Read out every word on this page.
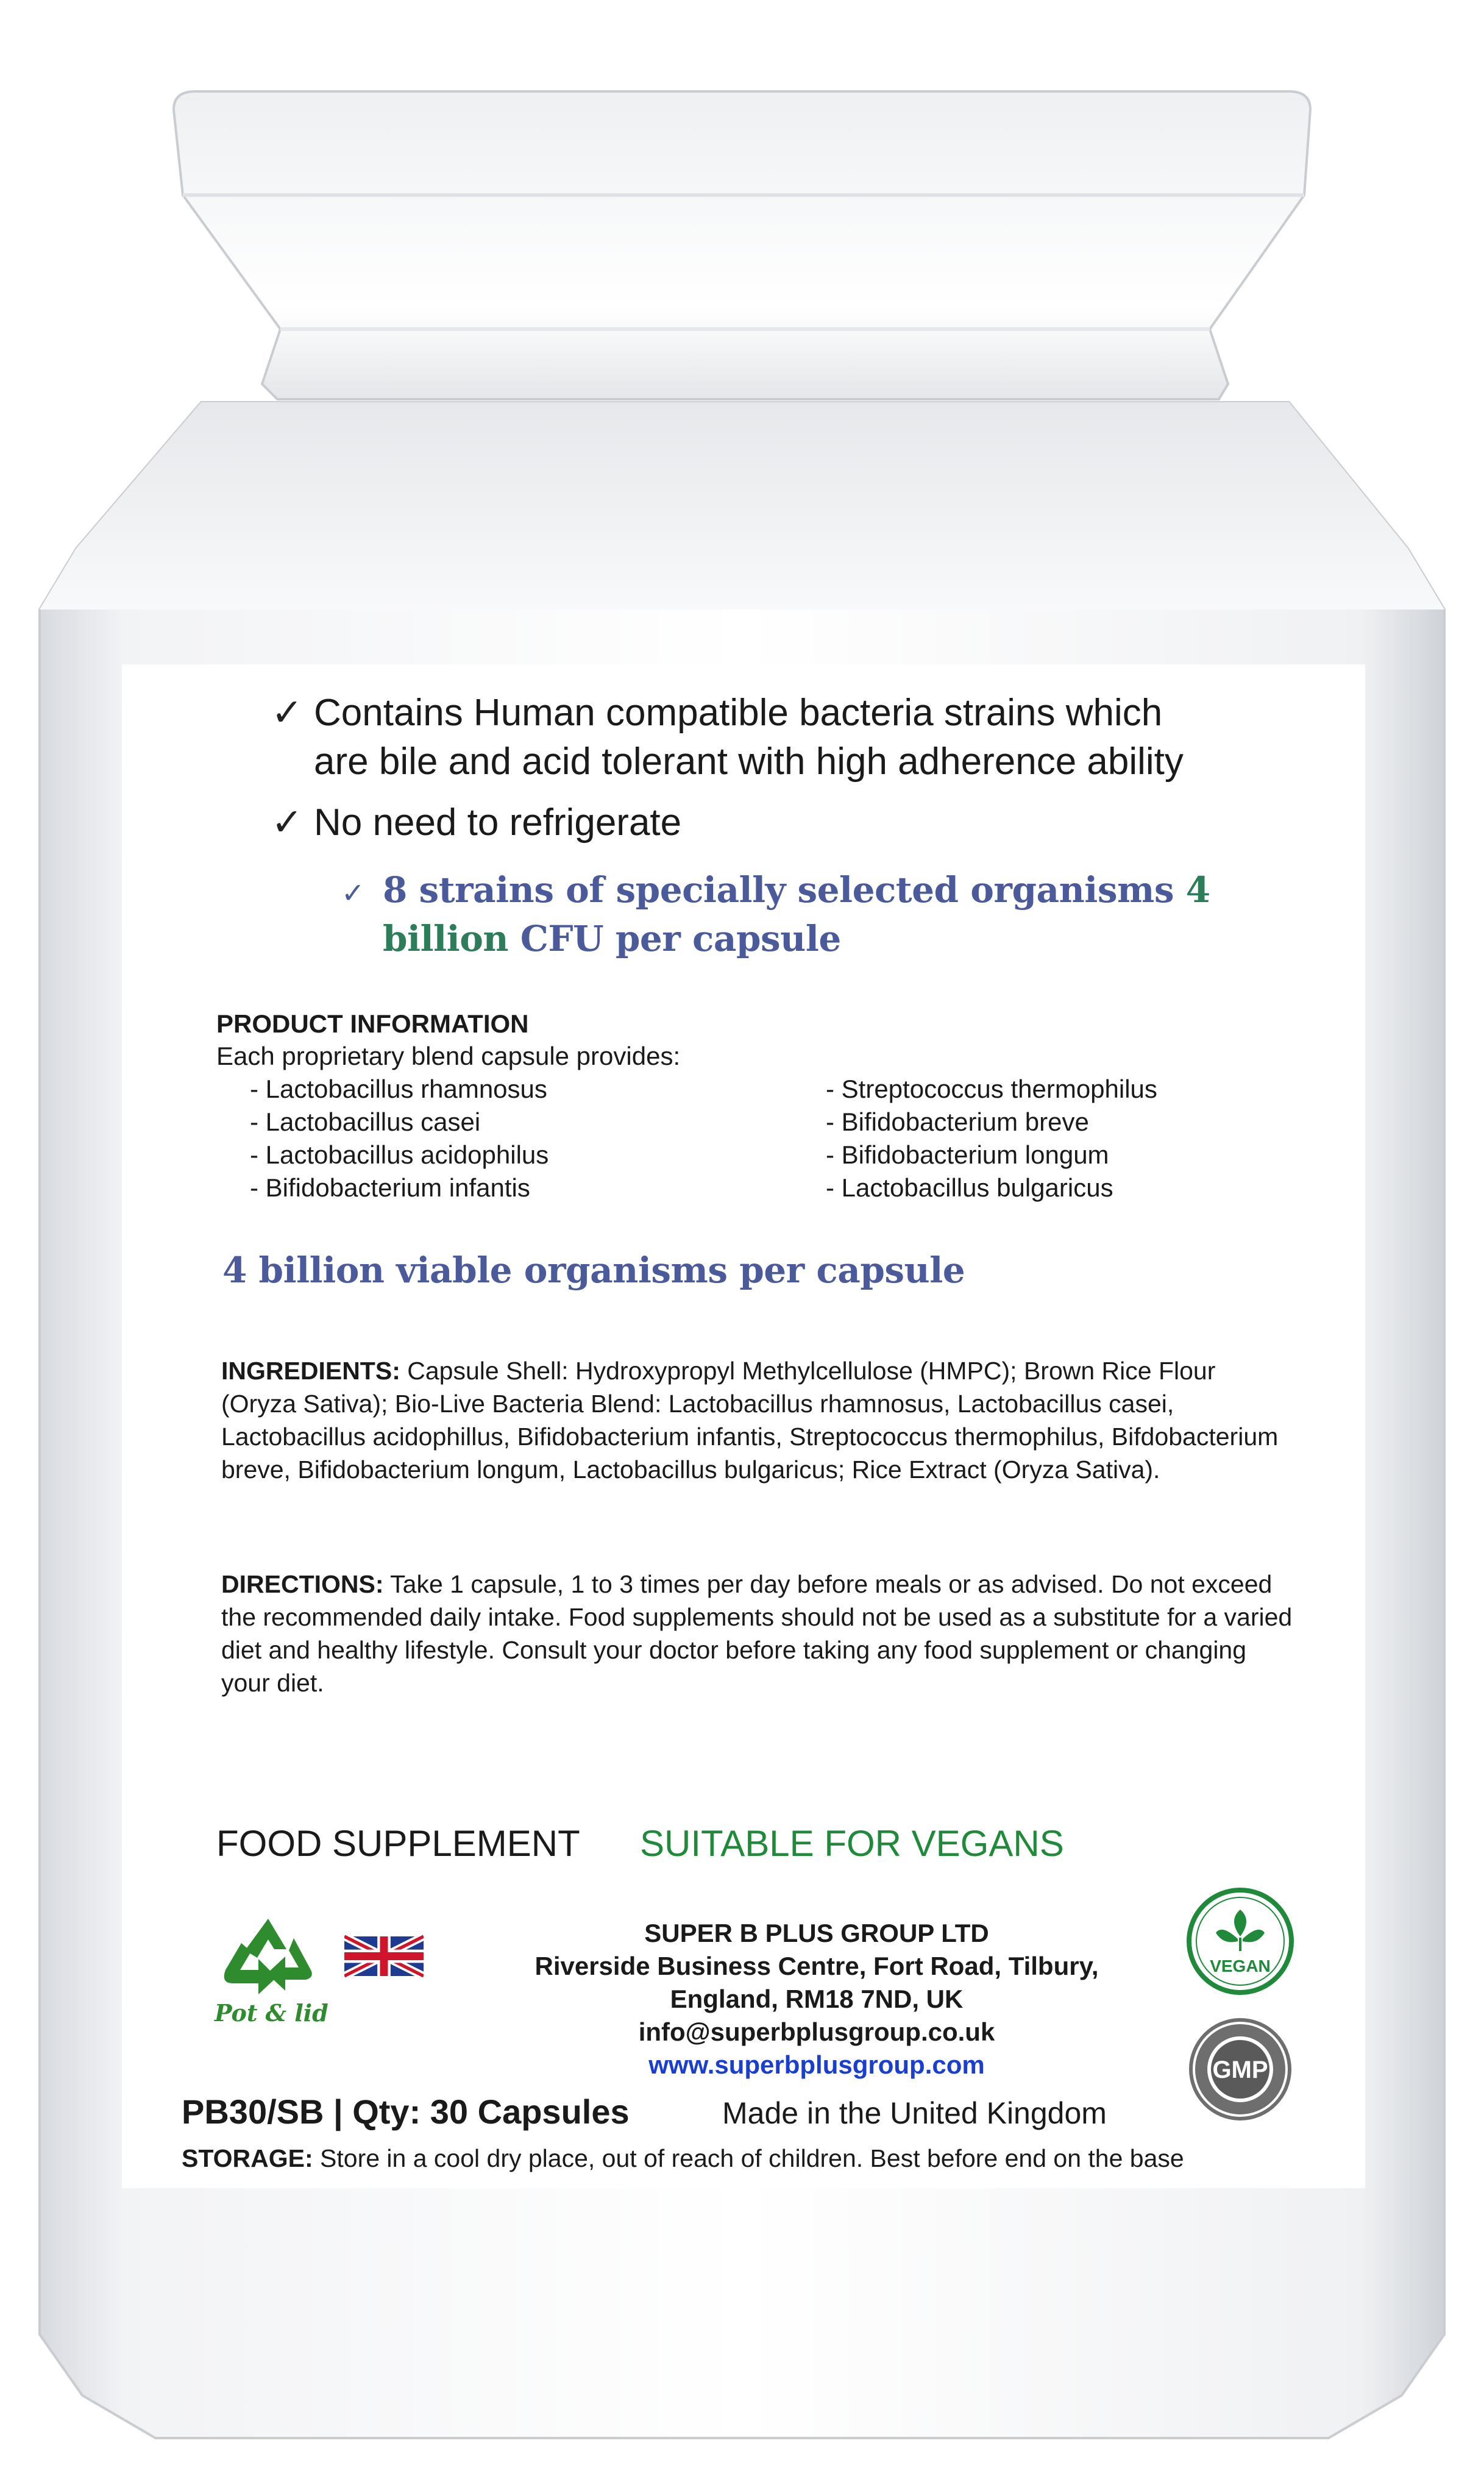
✓ Contains Human compatible bacteria strains which
are bile and acid tolerant with high adherence ability
✓ No need to refrigerate
✓ 8 strains of specially selected organisms 4
billion CFU per capsule
PRODUCT INFORMATION
Each proprietary blend capsule provides:
- Lactobacillus rhamnosus
- Lactobacillus casei
- Lactobacillus acidophilus
- Bifidobacterium infantis
- Streptococcus thermophilus
- Bifidobacterium breve
- Bifidobacterium longum
- Lactobacillus bulgaricus
4 billion viable organisms per capsule
INGREDIENTS: Capsule Shell: Hydroxypropyl Methylcellulose (HMPC); Brown Rice Flour (Oryza Sativa); Bio-Live Bacteria Blend: Lactobacillus rhamnosus, Lactobacillus casei, Lactobacillus acidophillus, Bifidobacterium infantis, Streptococcus thermophilus, Bifdobacterium breve, Bifidobacterium longum, Lactobacillus bulgaricus; Rice Extract (Oryza Sativa).
DIRECTIONS: Take 1 capsule, 1 to 3 times per day before meals or as advised. Do not exceed the recommended daily intake. Food supplements should not be used as a substitute for a varied diet and healthy lifestyle. Consult your doctor before taking any food supplement or changing your diet.
FOOD SUPPLEMENT SUITABLE FOR VEGANS
Pot & lid
SUPER B PLUS GROUP LTD
Riverside Business Centre, Fort Road, Tilbury,
England, RM18 7ND, UK
info@superbplusgroup.co.uk
www.superbplusgroup.com
VEGAN
GMP
PB30/SB | Qty: 30 Capsules	Made in the United Kingdom
STORAGE: Store in a cool dry place, out of reach of children. Best before end on the base
